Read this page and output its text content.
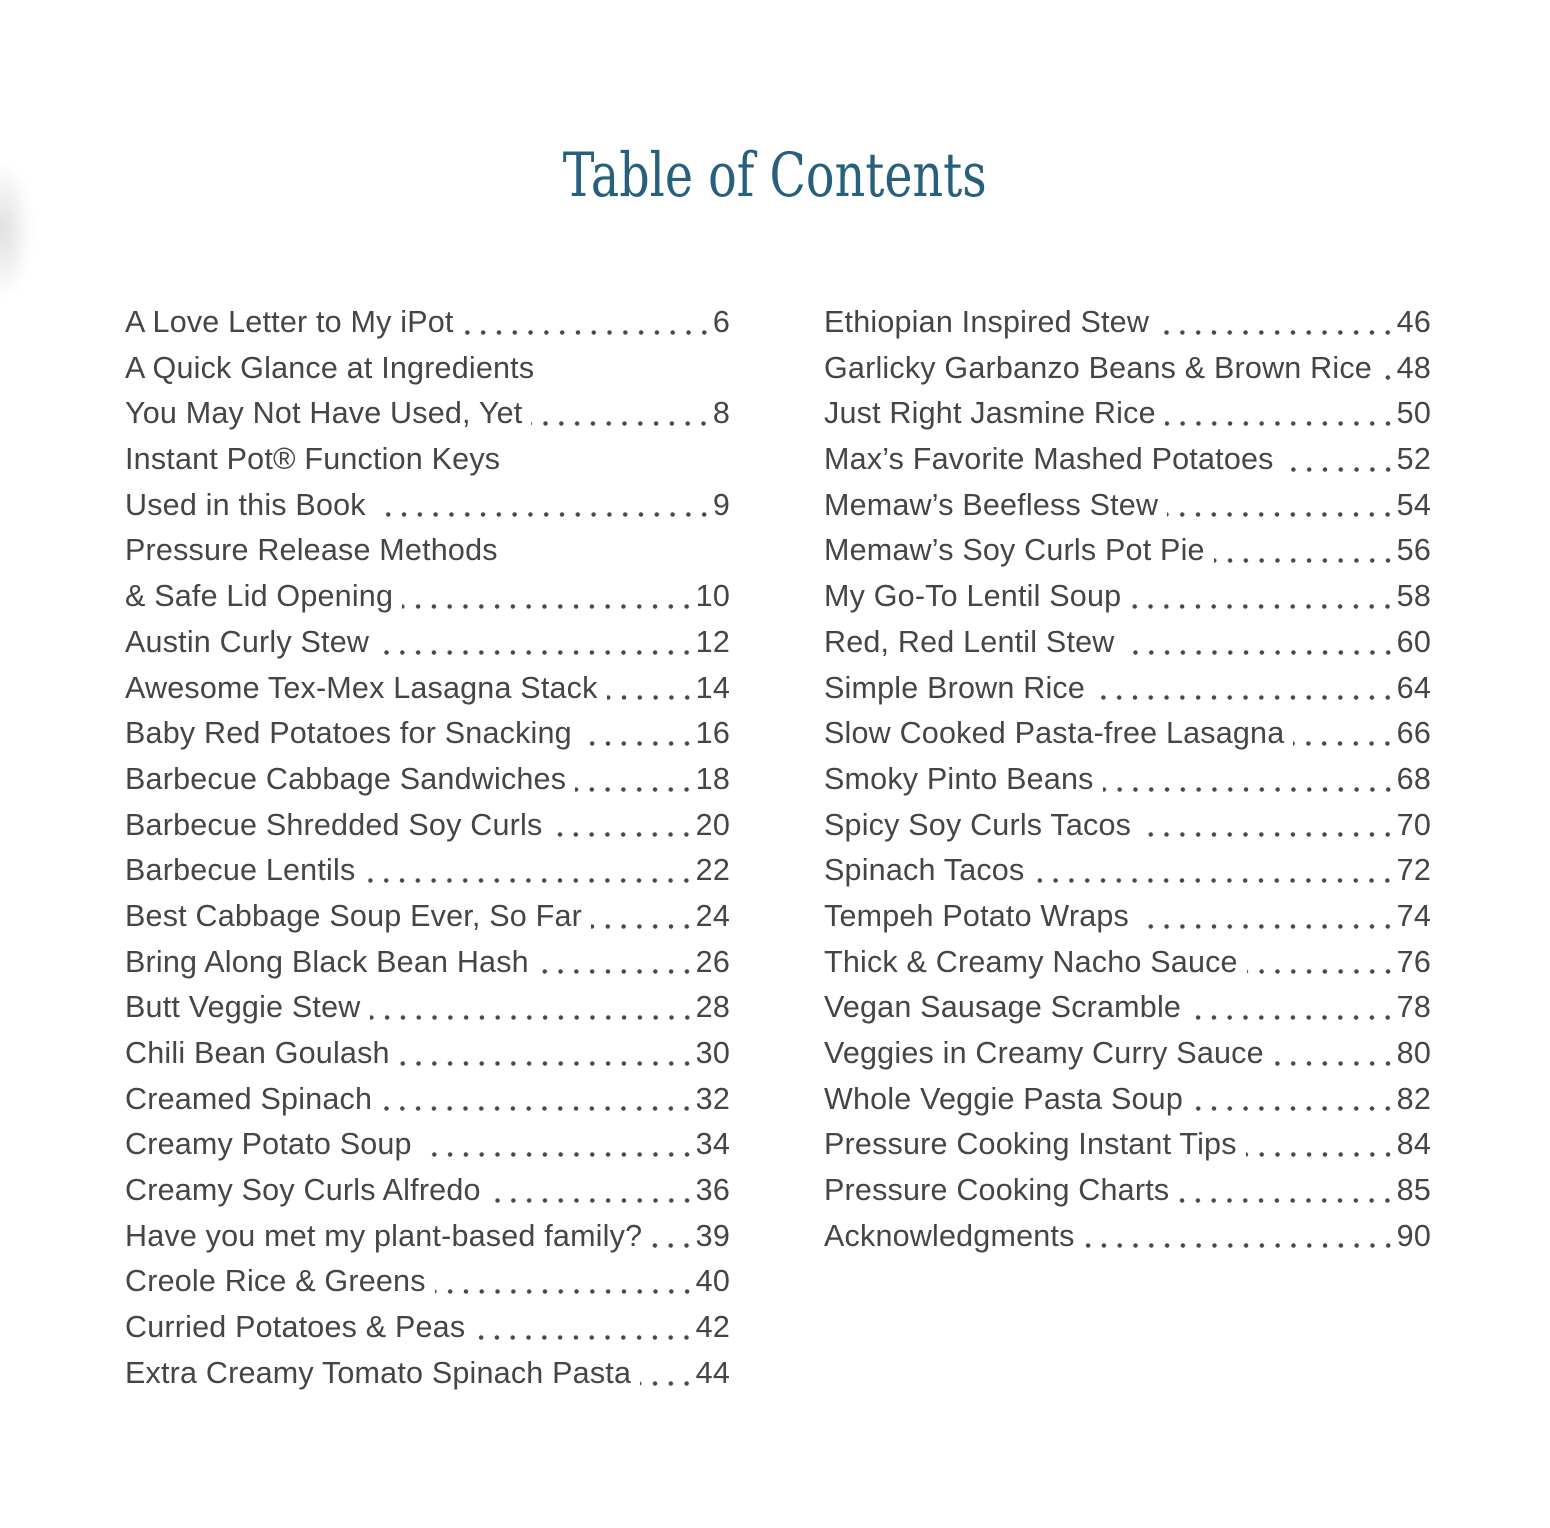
Table of Contents
A Love Letter to My iPot	6
A Quick Glance at Ingredients
You May Not Have Used, Yet	8
Instant Pot® Function Keys
Used in this Book	9
Pressure Release Methods
& Safe Lid Opening	10
Austin Curly Stew	12
Awesome Tex-Mex Lasagna Stack	14
Baby Red Potatoes for Snacking	16
Barbecue Cabbage Sandwiches	18
Barbecue Shredded Soy Curls	20
Barbecue Lentils	22
Best Cabbage Soup Ever, So Far	24
Bring Along Black Bean Hash	26
Butt Veggie Stew	28
Chili Bean Goulash	30
Creamed Spinach	32
Creamy Potato Soup	34
Creamy Soy Curls Alfredo	36
Have you met my plant-based family? 39
Creole Rice & Greens	40
Curried Potatoes & Peas	42
Extra Creamy Tomato Spinach Pasta 44
Ethiopian Inspired Stew	46
Garlicky Garbanzo Beans & Brown Rice 48
Just Right Jasmine Rice	50
Max’s Favorite Mashed Potatoes	52
Memaw’s Beefless Stew	54
Memaw’s Soy Curls Pot Pie	56
My Go-To Lentil Soup	58
Red, Red Lentil Stew	60
Simple Brown Rice	64
Slow Cooked Pasta-free Lasagna	66
Smoky Pinto Beans	68
Spicy Soy Curls Tacos	70
Spinach Tacos	72
Tempeh Potato Wraps	74
Thick & Creamy Nacho Sauce	76
Vegan Sausage Scramble	78
Veggies in Creamy Curry Sauce	80
Whole Veggie Pasta Soup	82
Pressure Cooking Instant Tips	84
Pressure Cooking Charts	85
Acknowledgments	90
